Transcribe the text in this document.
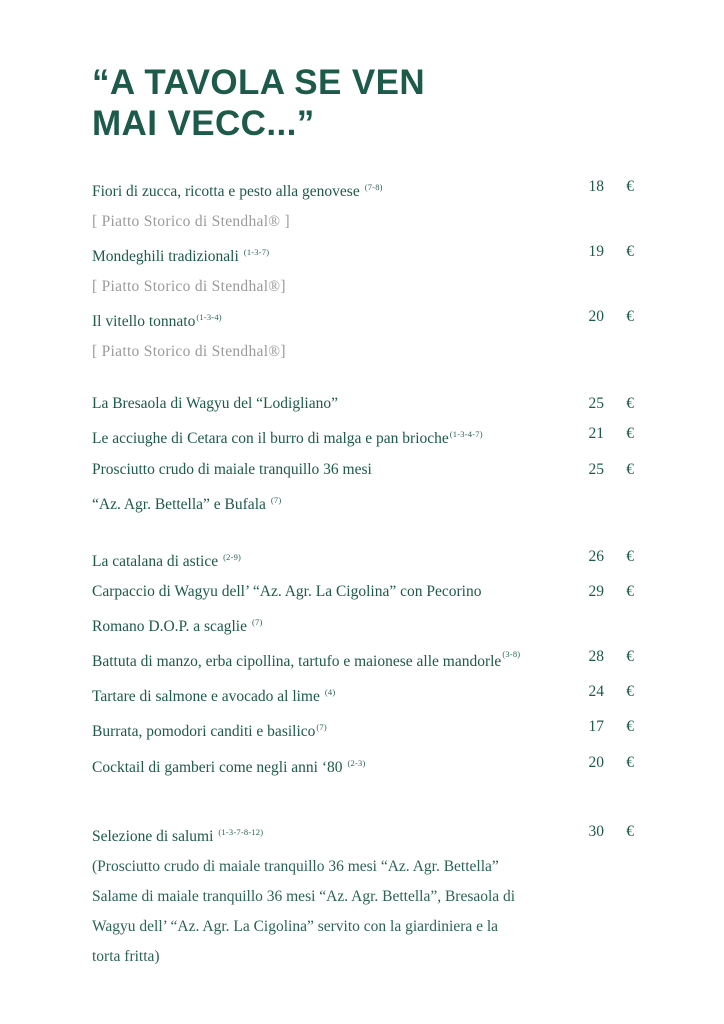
“A TAVOLA SE VEN
MAI VECC...”
Fiori di zucca, ricotta e pesto alla genovese $^{(7-8)}$	18 €
[ Piatto Storico di Stendhal® ]
Mondeghili tradizionali $^{(1-3-7)}$	19 €
[ Piatto Storico di Stendhal®]
Il vitello tonnato$^{(1-3-4)}$	20 €
[ Piatto Storico di Stendhal®]
La Bresaola di Wagyu del “Lodigliano”	25 €
Le acciughe di Cetara con il burro di malga e pan brioche$^{(1-3-4-7)}$	21 €
Prosciutto crudo di maiale tranquillo 36 mesi	25 €
“Az. Agr. Bettella” e Bufala $^{(7)}$
La catalana di astice $^{(2-9)}$	26 €
Carpaccio di Wagyu dell’ “Az. Agr. La Cigolina” con Pecorino	29 €
Romano D.O.P. a scaglie $^{(7)}$
Battuta di manzo, erba cipollina, tartufo e maionese alle mandorle$^{(3-8)}$	28 €
Tartare di salmone e avocado al lime $^{(4)}$	24 €
Burrata, pomodori canditi e basilico$^{(7)}$	17 €
Cocktail di gamberi come negli anni ‘80 $^{(2-3)}$	20 €
Selezione di salumi $^{(1-3-7-8-12)}$	30 €
(Prosciutto crudo di maiale tranquillo 36 mesi “Az. Agr. Bettella”
Salame di maiale tranquillo 36 mesi “Az. Agr. Bettella”, Bresaola di
Wagyu dell’ “Az. Agr. La Cigolina” servito con la giardiniera e la
torta fritta)
